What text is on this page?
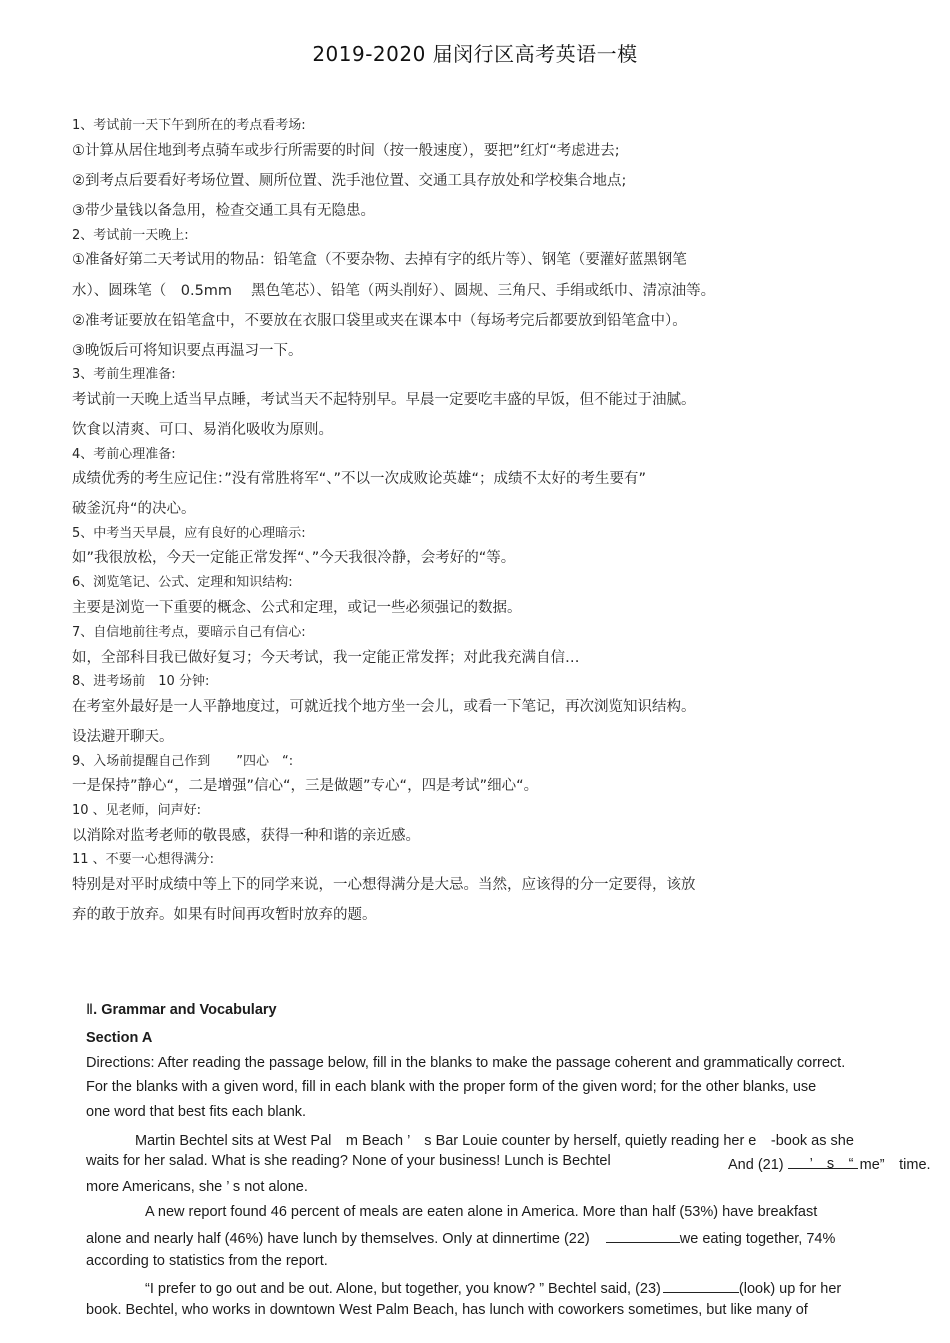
2019-2020 届闵行区高考英语一模
1、考试前一天下午到所在的考点看考场:
①计算从居住地到考点骑车或步行所需要的时间（按一般速度），要把”红灯“考虑进去;
②到考点后要看好考场位置、厕所位置、洗手池位置、交通工具存放处和学校集合地点;
③带少量钱以备急用，检查交通工具有无隐患。
2、考试前一天晚上:
①准备好第二天考试用的物品：铅笔盒（不要杂物、去掉有字的纸片等）、钢笔（要灌好蓝黑钢笔
水）、圆珠笔（　0.5mm　 黑色笔芯）、铅笔（两头削好）、圆规、三角尺、手绢或纸巾、清凉油等。
②准考证要放在铅笔盒中，不要放在衣服口袋里或夹在课本中（每场考完后都要放到铅笔盒中）。
③晚饭后可将知识要点再温习一下。
3、考前生理准备:
考试前一天晚上适当早点睡，考试当天不起特别早。早晨一定要吃丰盛的早饭，但不能过于油腻。
饮食以清爽、可口、易消化吸收为原则。
4、考前心理准备:
成绩优秀的考生应记住：”没有常胜将军“、”不以一次成败论英雄“；成绩不太好的考生要有”
破釜沉舟“的决心。
5、中考当天早晨，应有良好的心理暗示:
如”我很放松，今天一定能正常发挥“、”今天我很冷静，会考好的“等。
6、浏览笔记、公式、定理和知识结构:
主要是浏览一下重要的概念、公式和定理，或记一些必须强记的数据。
7、自信地前往考点，要暗示自己有信心:
如，全部科目我已做好复习；今天考试，我一定能正常发挥；对此我充满自信…
8、进考场前　10 分钟:
在考室外最好是一人平静地度过，可就近找个地方坐一会儿，或看一下笔记，再次浏览知识结构。
设法避开聊天。
9、入场前提醒自己作到　　”四心　“:
一是保持”静心“，二是增强”信心“，三是做题”专心“，四是考试”细心“。
10 、见老师，问声好:
以消除对监考老师的敬畏感，获得一种和谐的亲近感。
11 、不要一心想得满分:
特别是对平时成绩中等上下的同学来说，一心想得满分是大忌。当然，应该得的分一定要得，该放
弃的敢于放弃。如果有时间再攻暂时放弃的题。
Ⅱ. Grammar and Vocabulary
Section A
Directions: After reading the passage below, fill in the blanks to make the passage coherent and grammatically correct.
For the blanks with a given word, fill in each blank with the proper form of the given word; for the other blanks, use
one word that best fits each blank.
Martin Bechtel sits at West Pal　m Beach ’　s Bar Louie counter by herself, quietly reading her e　-book as she
waits for her salad. What is she reading? None of your business! Lunch is Bechtel	And (21) ’　s　“ me”　time.
more Americans, she ’ s not alone.
A new report found 46 percent of meals are eaten alone in America. More than half (53%) have breakfast
alone and nearly half (46%) have lunch by themselves. Only at dinnertime (22)	we eating together, 74%
according to statistics from the report.
“I prefer to go out and be out. Alone, but together, you know? ” Bechtel said, (23)	(look) up for her
book. Bechtel, who works in downtown West Palm Beach, has lunch with coworkers sometimes, but like many of
